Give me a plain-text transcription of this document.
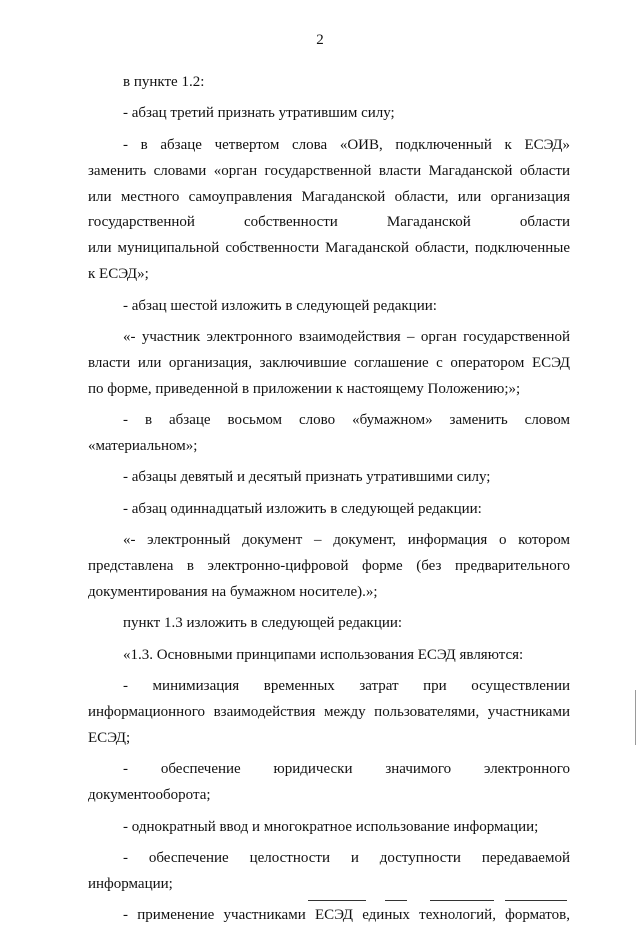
2
в пункте 1.2:
- абзац третий признать утратившим силу;
- в абзаце четвертом слова «ОИВ, подключенный к ЕСЭД»
заменить словами «орган государственной власти Магаданской области
или местного самоуправления Магаданской области, или организация
государственной собственности Магаданской области
или муниципальной собственности Магаданской области, подключенные
к ЕСЭД»;
- абзац шестой изложить в следующей редакции:
«- участник электронного взаимодействия – орган государственной
власти или организация, заключившие соглашение с оператором ЕСЭД
по форме, приведенной в приложении к настоящему Положению;»;
- в абзаце восьмом слово «бумажном» заменить словом
«материальном»;
- абзацы девятый и десятый признать утратившими силу;
- абзац одиннадцатый изложить в следующей редакции:
«- электронный документ – документ, информация о котором
представлена в электронно-цифровой форме (без предварительного
документирования на бумажном носителе).»;
пункт 1.3 изложить в следующей редакции:
«1.3. Основными принципами использования ЕСЭД являются:
- минимизация временных затрат при осуществлении
информационного взаимодействия между пользователями, участниками
ЕСЭД;
- обеспечение юридически значимого электронного
документооборота;
- однократный ввод и многократное использование информации;
- обеспечение целостности и доступности передаваемой
информации;
- применение участниками ЕСЭД единых технологий, форматов,
